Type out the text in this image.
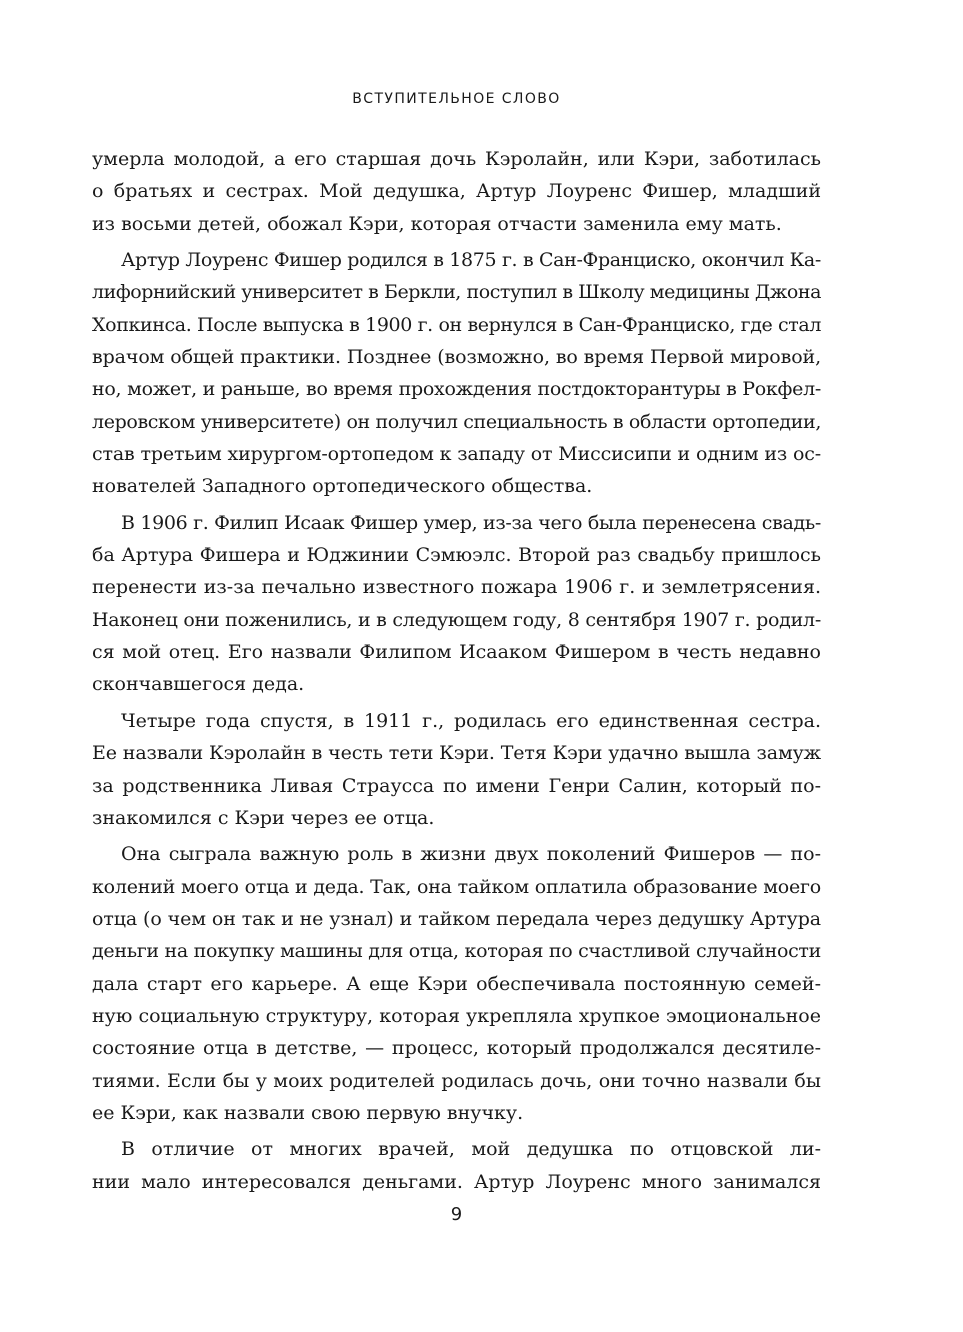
ВСТУПИТЕЛЬНОЕ СЛОВО

умерла молодой, а его старшая дочь Кэролайн, или Кэри, заботилась
о братьях и сестрах. Мой дедушка, Артур Лоуренс Фишер, младший
из восьми детей, обожал Кэри, которая отчасти заменила ему мать.

Артур Лоуренс Фишер родился в 1875 г. в Сан-Франциско, окончил Ка-
лифорнийский университет в Беркли, поступил в Школу медицины Джона
Хопкинса. После выпуска в 1900 г. он вернулся в Сан-Франциско, где стал
врачом общей практики. Позднее (возможно, во время Первой мировой,
но, может, и раньше, во время прохождения постдокторантуры в Рокфел-
леровском университете) он получил специальность в области ортопедии,
став третьим хирургом-ортопедом к западу от Миссисипи и одним из ос-
нователей Западного ортопедического общества.

В 1906 г. Филип Исаак Фишер умер, из-за чего была перенесена свадь-
ба Артура Фишера и Юджинии Сэмюэлс. Второй раз свадьбу пришлось
перенести из-за печально известного пожара 1906 г. и землетрясения.
Наконец они поженились, и в следующем году, 8 сентября 1907 г. родил-
ся мой отец. Его назвали Филипом Исааком Фишером в честь недавно
скончавшегося деда.

Четыре года спустя, в 1911 г., родилась его единственная сестра.
Ее назвали Кэролайн в честь тети Кэри. Тетя Кэри удачно вышла замуж
за родственника Ливая Страусса по имени Генри Салин, который по-
знакомился с Кэри через ее отца.

Она сыграла важную роль в жизни двух поколений Фишеров — по-
колений моего отца и деда. Так, она тайком оплатила образование моего
отца (о чем он так и не узнал) и тайком передала через дедушку Артура
деньги на покупку машины для отца, которая по счастливой случайности
дала старт его карьере. А еще Кэри обеспечивала постоянную семей-
ную социальную структуру, которая укрепляла хрупкое эмоциональное
состояние отца в детстве, — процесс, который продолжался десятиле-
тиями. Если бы у моих родителей родилась дочь, они точно назвали бы
ее Кэри, как назвали свою первую внучку.

В отличие от многих врачей, мой дедушка по отцовской ли-
нии мало интересовался деньгами. Артур Лоуренс много занимался

9
